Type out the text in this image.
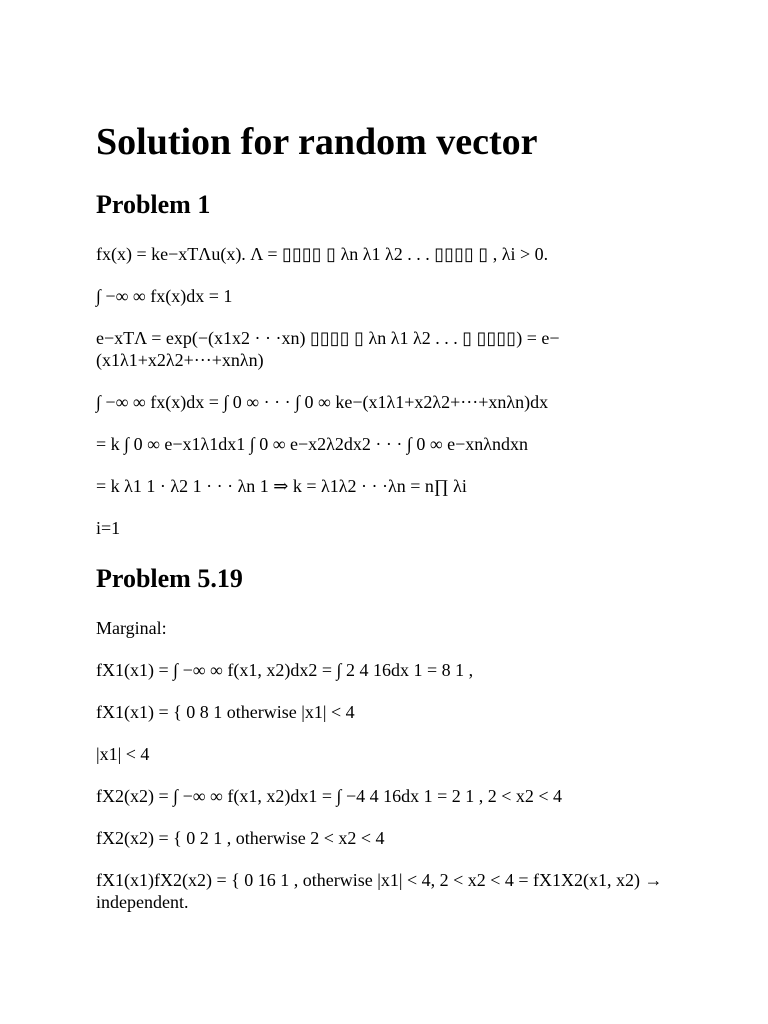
Solution for random vector
Problem 1

fx(x) = ke−xTΛu(x). Λ = ▯▯▯▯ ▯ λn λ1 λ2 . . . ▯▯▯▯ ▯ , λi > 0.

∫ −∞ ∞ fx(x)dx = 1

e−xTΛ = exp(−(x1x2 · · ·xn) ▯▯▯▯ ▯ λn λ1 λ2 . . . ▯ ▯▯▯▯) = e−(x1λ1+x2λ2+···+xnλn)

∫ −∞ ∞ fx(x)dx = ∫ 0 ∞ · · · ∫ 0 ∞ ke−(x1λ1+x2λ2+···+xnλn)dx

= k ∫ 0 ∞ e−x1λ1dx1 ∫ 0 ∞ e−x2λ2dx2 · · · ∫ 0 ∞ e−xnλndxn

= k λ1 1 · λ2 1 · · · λn 1 ⇒ k = λ1λ2 · · ·λn = n∏ λi

i=1

Problem 5.19

Marginal:

fX1(x1) = ∫ −∞ ∞ f(x1, x2)dx2 = ∫ 2 4 16dx 1 = 8 1 ,

fX1(x1) = { 0 8 1 otherwise |x1| < 4

|x1| < 4

fX2(x2) = ∫ −∞ ∞ f(x1, x2)dx1 = ∫ −4 4 16dx 1 = 2 1 , 2 < x2 < 4

fX2(x2) = { 0 2 1 , otherwise 2 < x2 < 4

fX1(x1)fX2(x2) = { 0 16 1 , otherwise |x1| < 4, 2 < x2 < 4 = fX1X2(x1, x2) → independent.
